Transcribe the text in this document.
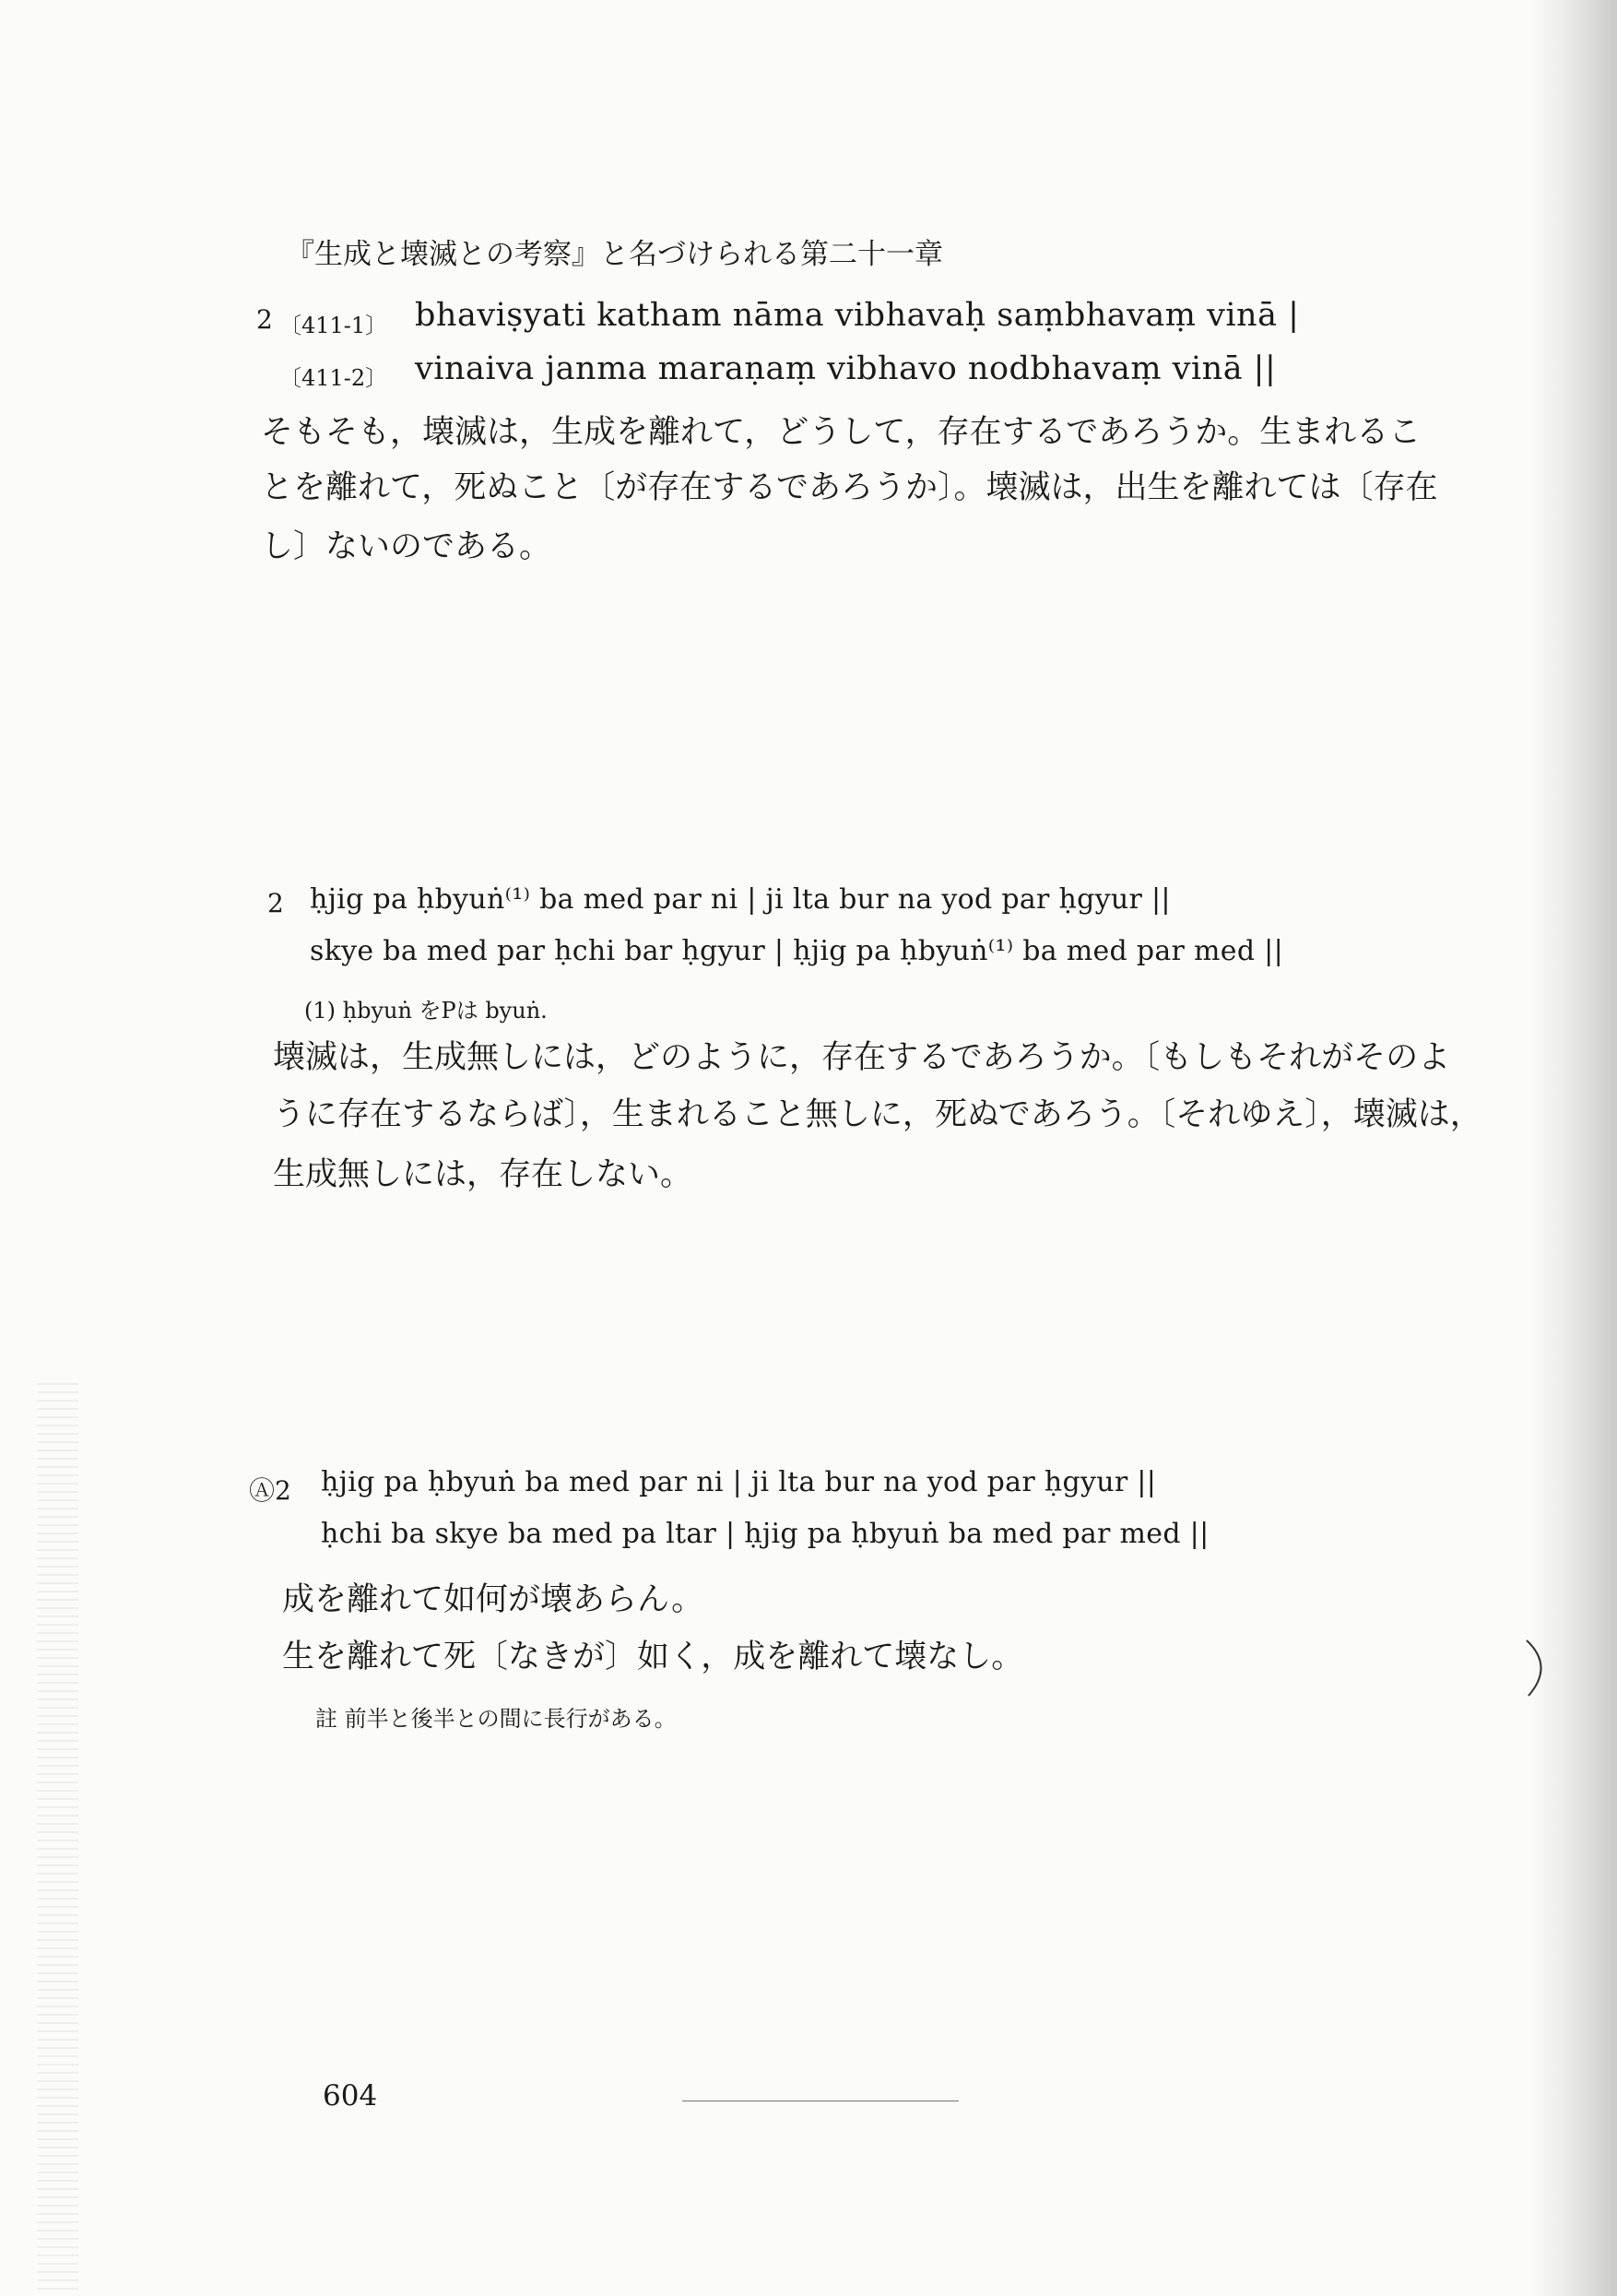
『生成と壊滅との考察』と名づけられる第二十一章
2 〔411-1〕 bhaviṣyati katham nāma vibhavaḥ saṃbhavaṃ vinā |
〔411-2〕 vinaiva janma maraṇaṃ vibhavo nodbhavaṃ vinā ||
そもそも，壊滅は，生成を離れて，どうして，存在するであろうか。生まれるこ
とを離れて，死ぬこと〔が存在するであろうか〕。壊滅は，出生を離れては〔存在
し〕ないのである。
2 ḥjig pa ḥbyuṅ⁽¹⁾ ba med par ni | ji lta bur na yod par ḥgyur ||
skye ba med par ḥchi bar ḥgyur | ḥjig pa ḥbyuṅ⁽¹⁾ ba med par med ||
(1) ḥbyuṅ をPは byuṅ.
壊滅は，生成無しには，どのように，存在するであろうか。〔もしもそれがそのよ
うに存在するならば〕，生まれること無しに，死ぬであろう。〔それゆえ〕，壊滅は，
生成無しには，存在しない。
Ⓐ2 ḥjig pa ḥbyuṅ ba med par ni | ji lta bur na yod par ḥgyur ||
ḥchi ba skye ba med pa ltar | ḥjig pa ḥbyuṅ ba med par med ||
成を離れて如何が壊あらん。
生を離れて死〔なきが〕如く，成を離れて壊なし。
註 前半と後半との間に長行がある。
604
